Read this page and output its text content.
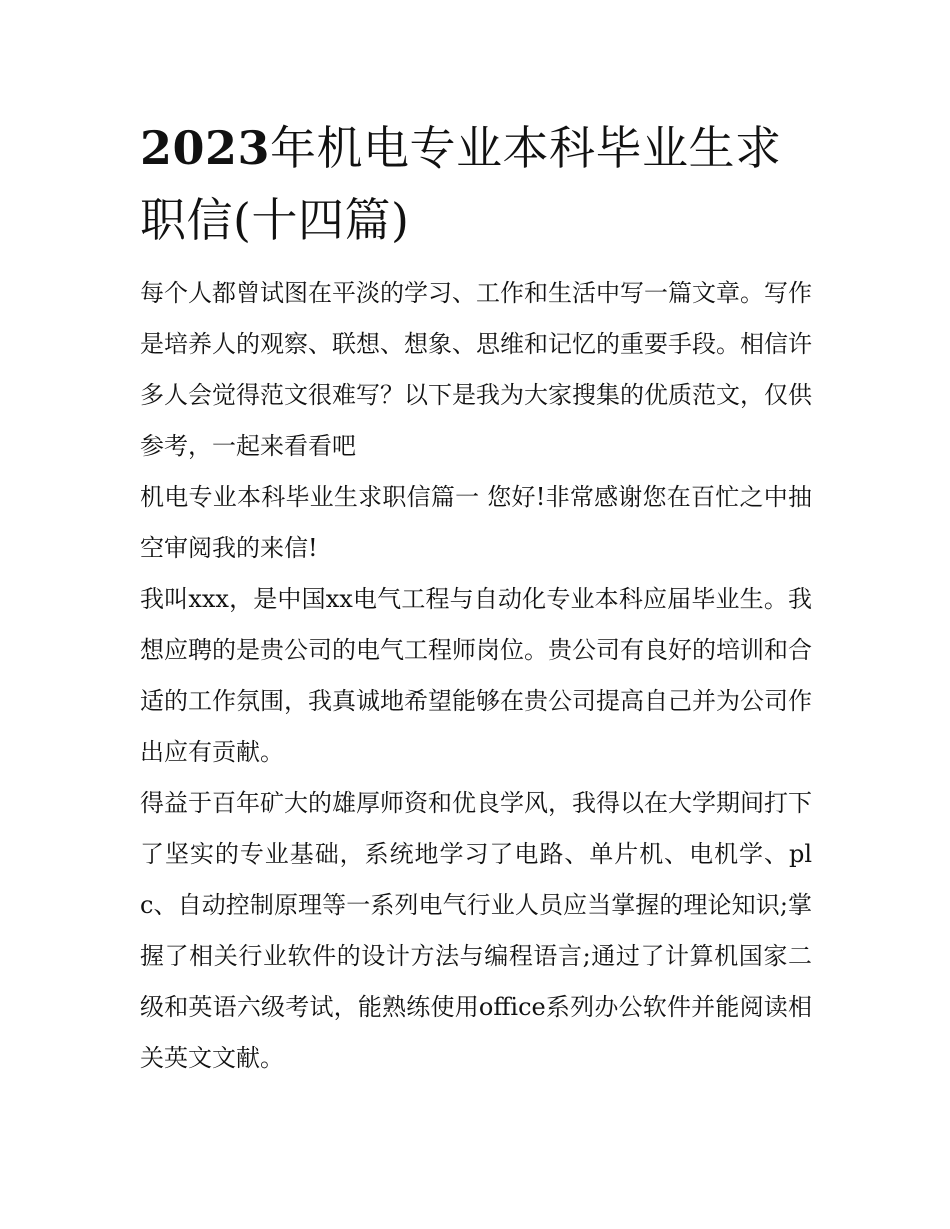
2023年机电专业本科毕业生求职信(十四篇)

每个人都曾试图在平淡的学习、工作和生活中写一篇文章。写作是培养人的观察、联想、想象、思维和记忆的重要手段。相信许多人会觉得范文很难写？以下是我为大家搜集的优质范文，仅供参考，一起来看看吧

机电专业本科毕业生求职信篇一 您好!非常感谢您在百忙之中抽空审阅我的来信!

我叫xxx，是中国xx电气工程与自动化专业本科应届毕业生。我想应聘的是贵公司的电气工程师岗位。贵公司有良好的培训和合适的工作氛围，我真诚地希望能够在贵公司提高自己并为公司作出应有贡献。

得益于百年矿大的雄厚师资和优良学风，我得以在大学期间打下了坚实的专业基础，系统地学习了电路、单片机、电机学、plc、自动控制原理等一系列电气行业人员应当掌握的理论知识;掌握了相关行业软件的设计方法与编程语言;通过了计算机国家二级和英语六级考试，能熟练使用office系列办公软件并能阅读相关英文文献。
